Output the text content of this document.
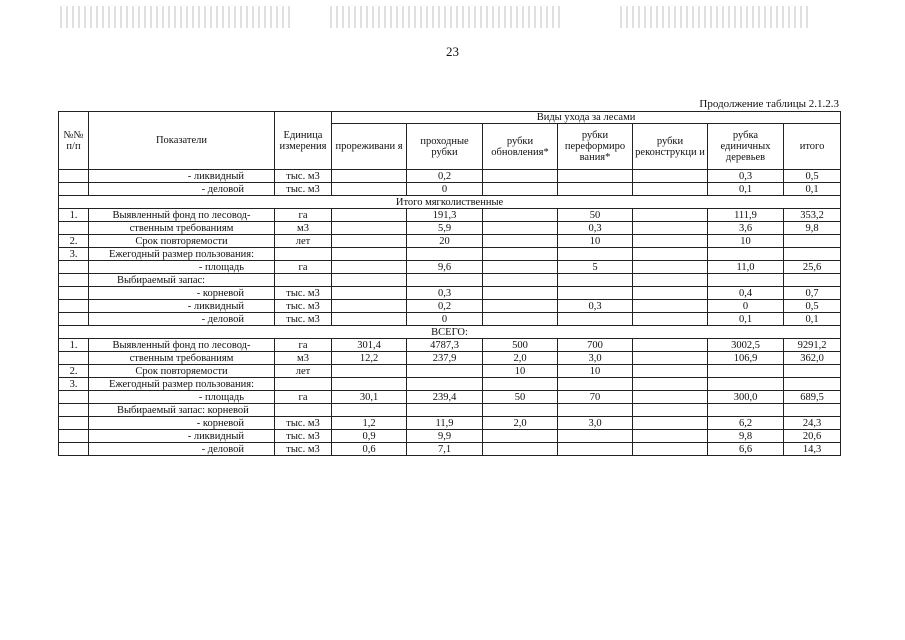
23
Продолжение таблицы 2.1.2.3
№№ п/п	Показатели	Единица измерения	Виды ухода за лесами						
			прореживани я	проходные рубки	рубки обновления*	рубки переформиро вания*	рубки реконструкци и	рубка единичных деревьев	итого
	- ликвидный	тыс. м3		0,2				0,3	0,5
	- деловой	тыс. м3		0				0,1	0,1
Итого мягколиственные									
1.	Выявленный фонд по лесовод-	га		191,3		50		111,9	353,2
	ственным требованиям	м3		5,9		0,3		3,6	9,8
2.	Срок повторяемости	лет		20		10		10	
3.	Ежегодный размер пользования:								
	- площадь	га		9,6		5		11,0	25,6
	Выбираемый запас:								
	- корневой	тыс. м3		0,3				0,4	0,7
	- ликвидный	тыс. м3		0,2		0,3		0	0,5
	- деловой	тыс. м3		0				0,1	0,1
ВСЕГО:									
1.	Выявленный фонд по лесовод-	га	301,4	4787,3	500	700		3002,5	9291,2
	ственным требованиям	м3	12,2	237,9	2,0	3,0		106,9	362,0
2.	Срок повторяемости	лет			10	10			
3.	Ежегодный размер пользования:								
	- площадь	га	30,1	239,4	50	70		300,0	689,5
	Выбираемый запас: корневой								
	- корневой	тыс. м3	1,2	11,9	2,0	3,0		6,2	24,3
	- ликвидный	тыс. м3	0,9	9,9				9,8	20,6
	- деловой	тыс. м3	0,6	7,1				6,6	14,3
